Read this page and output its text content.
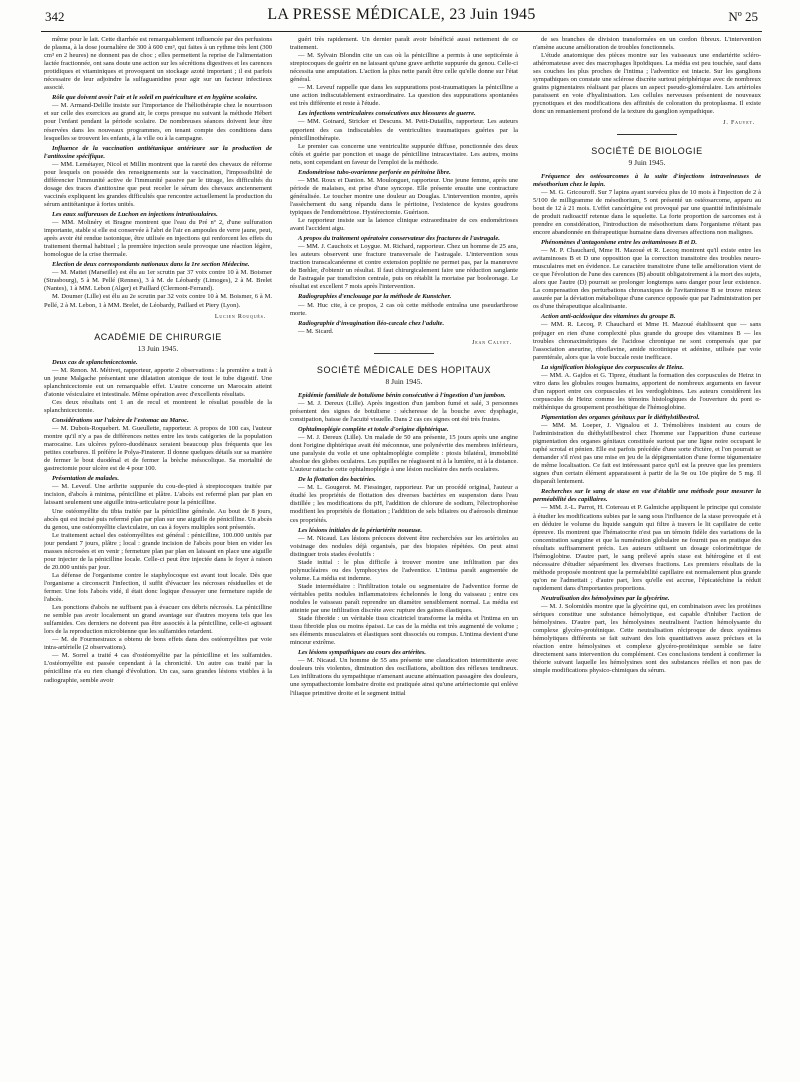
342	LA PRESSE MÉDICALE, 23 Juin 1945	Nº 25

même pour le lait. Cette diarrhée est remarquablement influencée par des perfusions de plasma, à la dose journalière de 300 à 600 cm³, qui faites à un rythme très lent (300 cm³ en 2 heures) ne donnent pas de choc ; elles permettent la reprise de l'alimentation lactée fractionnée, ont sans doute une action sur les sécrétions digestives et les carences protidiques et vitaminiques et provoquent un stockage azoté important ; il est parfois nécessaire de leur adjoindre la sulfaguanidine pour agir sur un facteur infectieux associé.

Rôle que doivent avoir l'air et le soleil en puériculture et en hygiène scolaire.

— M. Armand-Delille insiste sur l'importance de l'héliothérapie chez le nourrisson et sur celle des exercices au grand air, le corps presque nu suivant la méthode Hébert pour l'enfant pendant la période scolaire. De nombreuses séances doivent leur être réservées dans les nouveaux programmes, en tenant compte des conditions dans lesquelles se trouvent les enfants, à la ville ou à la campagne.

Influence de la vaccination antitétanique antérieure sur la production de l'antitoxine spécifique.

— MM. Lemétayer, Nicol et Millin montrent que la rareté des chevaux de réforme pour lesquels on possède des renseignements sur la vaccination, l'impossibilité de différencier l'immunité active de l'immunité passive par le titrage, les difficultés du dosage des traces d'antitoxine que peut receler le sérum des chevaux anciennement vaccinés expliquent les grandes difficultés que rencontre actuellement la production du sérum antitétanique à fortes unités.

Les eaux sulfureuses de Luchon en injections intratissulaires.

— MM. Molinéry et Bragne montrent que l'eau du Pré nº 2, d'une sulfuration importante, stable si elle est conservée à l'abri de l'air en ampoules de verre jaune, peut, après avoir été rendue isotonique, être utilisée en injections qui renforcent les effets du traitement thermal habituel ; la première injection seule provoque une réaction légère, homologue de la crise thermale.

Election de deux correspondants nationaux dans la 1re section Médecine.

— M. Mattei (Marseille) est élu au 1er scrutin par 37 voix contre 10 à M. Boismer (Strasbourg), 5 à M. Pellé (Rennes), 3 à M. de Léobardy (Limoges), 2 à M. Brelet (Nantes), 1 à MM. Lebon (Alger) et Paillard (Clermont-Ferrand).

M. Doumer (Lille) est élu au 2e scrutin par 32 voix contre 10 à M. Boismer, 6 à M. Pellé, 2 à M. Lebon, 1 à MM. Brelet, de Léobardy, Paillard et Piery (Lyon).

Lucien Rouquès.
ACADÉMIE DE CHIRURGIE
13 Juin 1945.

Deux cas de splanchnicectomie.

— M. Renon. M. Métivet, rapporteur, apporte 2 observations : la première a trait à un jeune Malgache présentant une dilatation atonique de tout le tube digestif. Une splanchnicectomie eut un remarquable effet. L'autre concerne un Marocain atteint d'atonie vésiculaire et intestinale. Même opération avec d'excellents résultats.

Ces deux résultats ont 1 an de recul et montrent le résultat possible de la splanchnicectomie.

Considérations sur l'ulcère de l'estomac au Maroc.

— M. Dubois-Roquebert. M. Gueullette, rapporteur. A propos de 100 cas, l'auteur montre qu'il n'y a pas de différences nettes entre les tests catégories de la population marocaine. Les ulcères pyloro-duodénaux seraient beaucoup plus fréquents que les petites courbures. Il préfère le Polya-Finsterer. Il donne quelques détails sur sa manière de fermer le bout duodénal et de fermer la brèche mésocolique. Sa mortalité de gastrectomie pour ulcère est de 4 pour 100.

Présentation de malades.

— M. Leveuf. Une arthrite suppurée du cou-de-pied à streptocoques traitée par incision, d'abcès à minima, pénicilline et plâtre. L'abcès est refermé plan par plan en laissant seulement une aiguille intra-articulaire pour la pénicilline.

Une ostéomyélite du tibia traitée par la pénicilline générale. Au bout de 8 jours, abcès qui est incisé puis refermé plan par plan sur une aiguille de pénicilline. Un abcès du genou, une ostéomyélite claviculaire, un cas à foyers multiples sont présentés.

Le traitement actuel des ostéomyélites est général : pénicilline, 100.000 unités par jour pendant 7 jours, plâtre ; local : grande incision de l'abcès pour bien en vider les masses nécrosées et en venir ; fermeture plan par plan en laissant en place une aiguille pour injecter de la pénicilline locale. Celle-ci peut être injectée dans le foyer à raison de 20.000 unités par jour.

La défense de l'organisme contre le staphylocoque est avant tout locale. Dès que l'organisme a circonscrit l'infection, il suffit d'évacuer les nécroses résiduelles et de fermer. Une fois l'abcès vidé, il était donc logique d'essayer une fermeture rapide de l'abcès.

Les ponctions d'abcès ne suffisent pas à évacuer ces débris nécrosés. La pénicilline ne semble pas avoir localement un grand avantage sur d'autres moyens tels que les sulfamides. Ces derniers ne doivent pas être associés à la pénicilline, celle-ci agissant lors de la reproduction microbienne que les sulfamides retardent.

— M. de Fourmestraux a obtenu de bons effets dans des ostéomyélites par voie intra-artérielle (2 observations).

— M. Sorrel a traité 4 cas d'ostéomyélite par la pénicilline et les sulfamides. L'ostéomyélite est passée cependant à la chronicité. Un autre cas traité par la pénicilline n'a eu rien changé d'évolution. Un cas, sans grandes lésions visibles à la radiographie, semble avoir

guéri très rapidement. Un dernier paraît avoir bénéficié aussi nettement de ce traitement.

— M. Sylvain Blondin cite un cas où la pénicilline a permis à une septicémie à streptocoques de guérir en ne laissant qu'une grave arthrite suppurée du genou. Celle-ci nécessita une amputation. L'action la plus nette paraît être celle qu'elle donne sur l'état général.

— M. Leveuf rappelle que dans les suppurations post-traumatiques la pénicilline a une action indiscutablement extraordinaire. La question des suppurations spontanées est très différente et reste à l'étude.

Les infections ventriculaires consécutives aux blessures de guerre.

— MM. Goinard, Stricker et Descuns. M. Petit-Dutaillis, rapporteur. Les auteurs apportent des cas indiscutables de ventriculites traumatiques guéries par la pénicillinothérapie.

Le premier cas concerne une ventriculite suppurée diffuse, ponctionnée des deux côtés et guérie par ponction et usage de pénicilline intracavitaire. Les autres, moins nets, sont cependant en faveur de l'emploi de la méthode.

Endométriose tubo-ovarienne perforée en péritoine libre.

— MM. Roux et Danion. M. Moulonguet, rapporteur. Une jeune femme, après une période de malaises, est prise d'une syncope. Elle présente ensuite une contracture généralisée. Le toucher montre une douleur au Douglas. L'intervention montre, après l'assèchement du sang répandu dans le péritoine, l'existence de kystes goudrons typiques de l'endométriose. Hystérectomie. Guérison.

Le rapporteur insiste sur la latence clinique extraordinaire de ces endométrioses avant l'accident aigu.

A propos du traitement opératoire conservateur des fractures de l'astragale.

— MM. J. Cauchoix et Loygue. M. Richard, rapporteur. Chez un homme de 25 ans, les auteurs observent une fracture transversale de l'astragale. L'intervention sous traction transcalcanéenne et contre extension poplitée ne permet pas, par la manœuvre de Bœhler, d'obtenir un résultat. Il faut chirurgicalement faire une réduction sanglante de l'astragale par transfixion centrale, puis on rétablit la mortaise par booleonage. Le résultat est excellent 7 mois après l'intervention.

Radiographies d'enclouage par la méthode de Kunstcher.

— M. Huc cite, à ce propos, 2 cas où cette méthode entraîna une pseudarthrose morte.

Radiographie d'invagination iléo-cæcale chez l'adulte.

— M. Sicard.

Jean Calvet.
SOCIÉTÉ MÉDICALE DES HOPITAUX
8 Juin 1945.

Epidémie familiale de botulisme bénin consécutive à l'ingestion d'un jambon.

— M. J. Dereux (Lille). Après ingestion d'un jambon fumé et salé, 3 personnes présentent des signes de botulisme : sécheresse de la bouche avec dysphagie, constipation, baisse de l'acuité visuelle. Dans 2 cas ces signes ont été très frustes.

Ophtalmoplégie complète et totale d'origine diphtérique.

— M. J. Dereux (Lille). Un malade de 50 ans présente, 15 jours après une angine dont l'origine diphtérique avait été méconnue, une polynévrite des membres inférieurs, une paralysie du voile et une ophtalmoplégie complète : ptosis bilatéral, immobilité absolue des globes oculaires. Les pupilles ne réagissent ni à la lumière, ni à la distance. L'auteur rattache cette ophtalmoplégie à une lésion nucléaire des nerfs oculaires.

De la flottation des bactéries.

— M. L. Gougerot. M. Fiessinger, rapporteur. Par un procédé original, l'auteur a étudié les propriétés de flottation des diverses bactéries en suspension dans l'eau distillée ; les modifications du pH, l'addition de chlorure de sodium, l'électrophorèse modifient les propriétés de flottation ; l'addition de sels biliaires ou d'aérosols diminue ces propriétés.

Les lésions initiales de la périartérite noueuse.

— M. Nicaud. Les lésions précoces doivent être recherchées sur les artérioles au voisinage des nodules déjà organisés, par des biopsies répétées. On peut ainsi distinguer trois stades évolutifs :

Stade initial : le plus difficile à trouver montre une infiltration par des polynucléaires ou des lymphocytes de l'adventice. L'intima paraît augmentée de volume. La média est indemne.

Stade intermédiaire : l'infiltration totale ou segmentaire de l'adventice forme de véritables petits nodules inflammatoires échelonnés le long du vaisseau ; entre ces nodules le vaisseau paraît reprendre un diamètre sensiblement normal. La média est atteinte par une infiltration discrète avec rupture des gaines élastiques.

Stade fibroïde : un véritable tissu cicatriciel transforme la média et l'intima en un tissu fibroïde plus ou moins épaissi. Le cas de la média est très augmenté de volume ; ses éléments musculaires et élastiques sont dissociés ou rompus. L'intima devient d'une minceur extrême.

Les lésions sympathiques au cours des artérites.

— M. Nicaud. Un homme de 55 ans présente une claudication intermittente avec douleurs très violentes, diminution des oscillations, abolition des réflexes tendineux. Les infiltrations du sympathique n'amenant aucune atténuation passagère des douleurs, une sympathectomie lombaire droite est pratiquée ainsi qu'une artériectomie qui enlève l'iliaque primitive droite et le segment initial

de ses branches de division transformées en un cordon fibreux. L'intervention n'amène aucune amélioration de troubles fonctionnels.

L'étude anatomique des pièces montre sur les vaisseaux une endartérite scléro-athéromateuse avec des macrophages lipoïdiques. La média est peu touchée, sauf dans ses couches les plus proches de l'intima ; l'adventice est intacte. Sur les ganglions sympathiques on constate une sclérose discrète surtout périphérique avec de nombreux grains pigmentaires réalisant par places un aspect pseudo-glomérulaire. Les artérioles paraissent en voie d'hyalinisation. Les cellules nerveuses présentent de nouveaux pycnotiques et des modifications des affinités de coloration du protoplasma. Il existe donc un remaniement profond de la texture du ganglion sympathique.

J. Fauvet.
SOCIÉTÉ DE BIOLOGIE
9 Juin 1945.

Fréquence des ostéosarcomes à la suite d'injections intraveineuses de mésothorium chez le lapin.

— M. G. Gricouroff. Sur 7 lapins ayant survécu plus de 10 mois à l'injection de 2 à 5/100 de milligramme de mésothorium, 5 ont présenté un ostéosarcome, apparu au bout de 12 à 21 mois. L'effet cancérigène est provoqué par une quantité infinitésimale de produit radioactif retenue dans le squelette. La forte proportion de sarcomes est à prendre en considération, l'introduction de mésothorium dans l'organisme n'étant pas encore abandonnée en thérapeutique humaine dans diverses affections non malignes.

Phénomènes d'antagonisme entre les avitaminoses B et D.

— M. P. Chauchard, Mme H. Mazoué et R. Lecoq montrent qu'il existe entre les avitaminoses B et D une opposition que la correction transitoire des troubles neuro-musculaires met en évidence. Le caractère transitoire d'une telle amélioration vient de ce que l'évolution de l'une des carences (B) aboutit obligatoirement à la mort des sujets, alors que l'autre (D) pourrait se prolonger longtemps sans danger pour leur existence. La compensation des perturbations chronaxiques de l'avitaminose B se trouve mieux assurée par la déviation métabolique d'une carence opposée que par l'administration per os d'une thérapeutique alcalinisante.

Action anti-acidosique des vitamines du groupe B.

— MM. R. Lecoq, P. Chauchard et Mme H. Mazoué établissent que — sans préjuger en rien d'une complexité plus grande du groupe des vitamines B — les troubles chronaximétriques de l'acidose chronique ne sont compensés que par l'association aneurine, riboflavine, amide nicotinique et adénine, utilisée par voie parentérale, alors que la voie buccale reste inefficace.

La signification biologique des corpuscules de Heinz.

— MM. A. Gajdos et G. Tiprez, étudiant la formation des corpuscules de Heinz in vitro dans les globules rouges humains, apportent de nombreux arguments en faveur d'un rapport entre ces corpuscules et les verdoglobines. Les auteurs considèrent les corpuscules de Heinz comme les témoins histologiques de l'ouverture du pont α-méthénique du groupement prosthétique de l'hémoglobine.

Pigmentation des organes génitaux par le diéthylstilbestrol.

— MM. M. Loeper, J. Vignalou et J. Trémolières insistent au cours de l'administration du diéthylstilbestrol chez l'homme sur l'apparition d'une curieuse pigmentation des organes génitaux constituée surtout par une ligne noire occupant le raphé scrotal et pénien. Elle est parfois précédée d'une sorte d'ictère, et l'on pourrait se demander s'il n'est pas une mise en jeu de la dépigmentation d'une forme tégumentaire de même localisation. Ce fait est intéressant parce qu'il est la preuve que les premiers signes d'un certain élément apparaissent à partir de la 9e ou 10e piqûre de 5 mg. Il disparaît lentement.

Recherches sur le sang de stase en vue d'établir une méthode pour mesurer la perméabilité des capillaires.

— MM. J.-L. Parrot, H. Cotereau et P. Galmiche appliquent le principe qui consiste à étudier les modifications subies par le sang sous l'influence de la stase provoquée et à en déduire le volume du liquide sanguin qui filtre à travers le lit capillaire de cette épreuve. Ils montrent que l'hématocrite n'est pas un témoin fidèle des variations de la concentration sanguine et que la numération globulaire ne fournit pas en pratique des résultats suffisamment précis. Les auteurs utilisent un dosage colorimétrique de l'hémoglobine. D'autre part, le sang prélevé après stase est hétérogène et il est nécessaire d'étudier séparément les diverses fractions. Les premiers résultats de la méthode proposée montrent que la perméabilité capillaire est normalement plus grande qu'on ne l'admettait ; d'autre part, lors qu'elle est accrue, l'épicatéchine la réduit rapidement dans d'importantes proportions.

Neutralisation des hémolysines par la glycérine.

— M. J. Solomidès montre que la glycérine qui, en combinaison avec les protéines sériques constitue une substance hémolytique, est capable d'inhiber l'action de hémolysines. D'autre part, les hémolysines neutralisent l'action hémolysante du complexe glycéro-protéinique. Cette neutralisation réciproque de deux systèmes hémolytiques différents se fait suivant des lois quantitatives assez précises et la réaction entre hémolysines et complexe glycéro-protéinique semble se faire directement sans intervention du complément. Ces conclusions tendent à confirmer la théorie suivant laquelle les hémolysines sont des substances réelles et non pas de simple modifications physico-chimiques du sérum.
